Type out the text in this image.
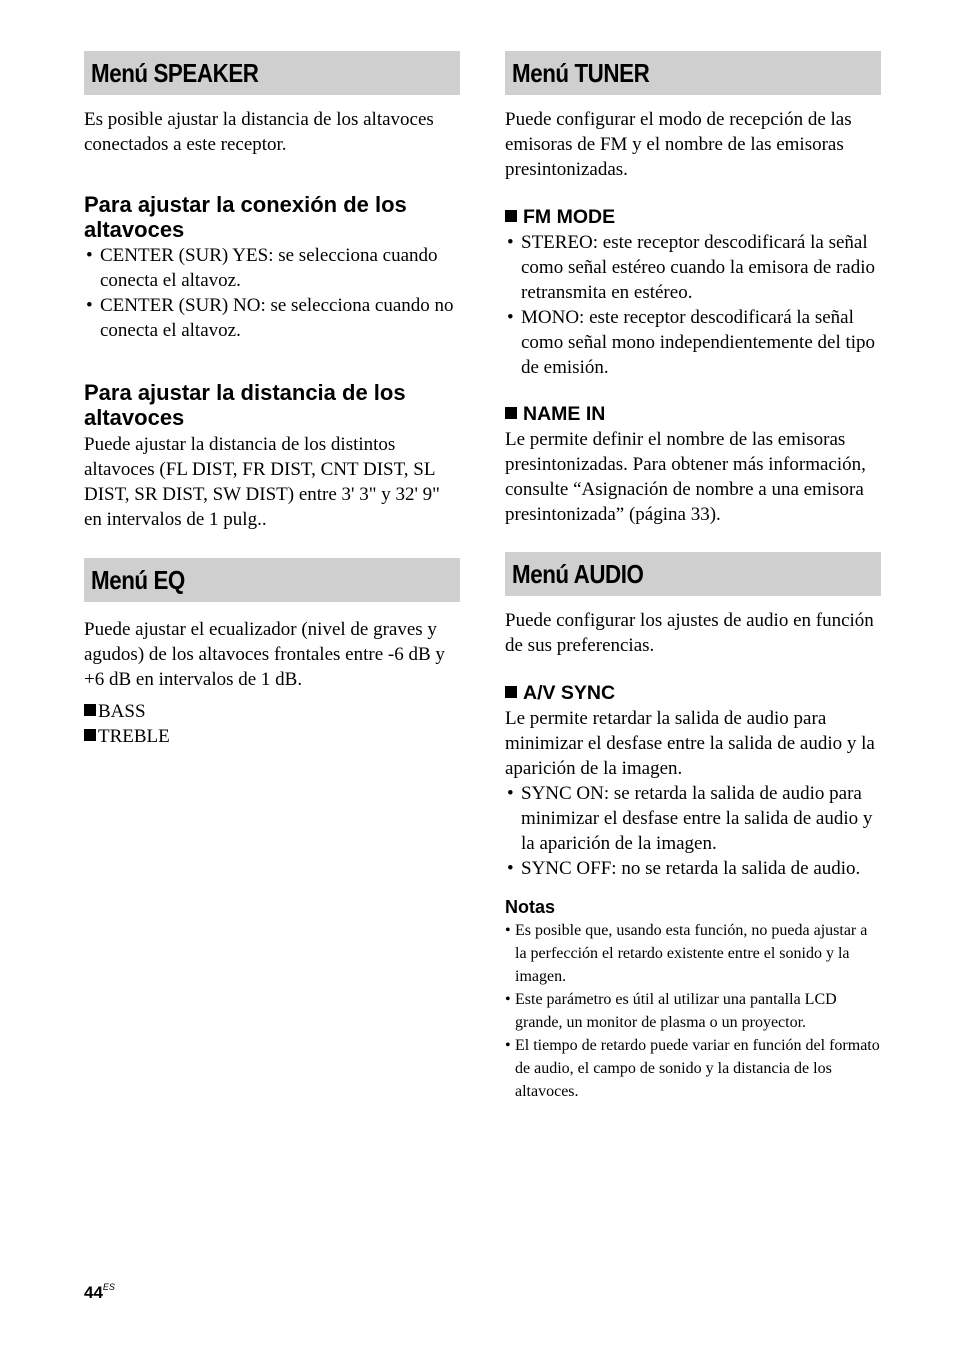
Menú SPEAKER

Es posible ajustar la distancia de los altavoces conectados a este receptor.

Para ajustar la conexión de los altavoces
• CENTER (SUR) YES: se selecciona cuando conecta el altavoz.
• CENTER (SUR) NO: se selecciona cuando no conecta el altavoz.
Para ajustar la distancia de los altavoces

Puede ajustar la distancia de los distintos altavoces (FL DIST, FR DIST, CNT DIST, SL DIST, SR DIST, SW DIST) entre 3' 3" y 32' 9" en intervalos de 1 pulg..

Menú EQ

Puede ajustar el ecualizador (nivel de graves y agudos) de los altavoces frontales entre -6 dB y +6 dB en intervalos de 1 dB.

BASS
TREBLE
Menú TUNER

Puede configurar el modo de recepción de las emisoras de FM y el nombre de las emisoras presintonizadas.

FM MODE
• STEREO: este receptor descodificará la señal como señal estéreo cuando la emisora de radio retransmita en estéreo.
• MONO: este receptor descodificará la señal como señal mono independientemente del tipo de emisión.
NAME IN

Le permite definir el nombre de las emisoras presintonizadas. Para obtener más información, consulte “Asignación de nombre a una emisora presintonizada” (página 33).

Menú AUDIO

Puede configurar los ajustes de audio en función de sus preferencias.

A/V SYNC

Le permite retardar la salida de audio para minimizar el desfase entre la salida de audio y la aparición de la imagen.

• SYNC ON: se retarda la salida de audio para minimizar el desfase entre la salida de audio y la aparición de la imagen.
• SYNC OFF: no se retarda la salida de audio.
Notas
• Es posible que, usando esta función, no pueda ajustar a la perfección el retardo existente entre el sonido y la imagen.
• Este parámetro es útil al utilizar una pantalla LCD grande, un monitor de plasma o un proyector.
• El tiempo de retardo puede variar en función del formato de audio, el campo de sonido y la distancia de los altavoces.
$44^{ES}$
